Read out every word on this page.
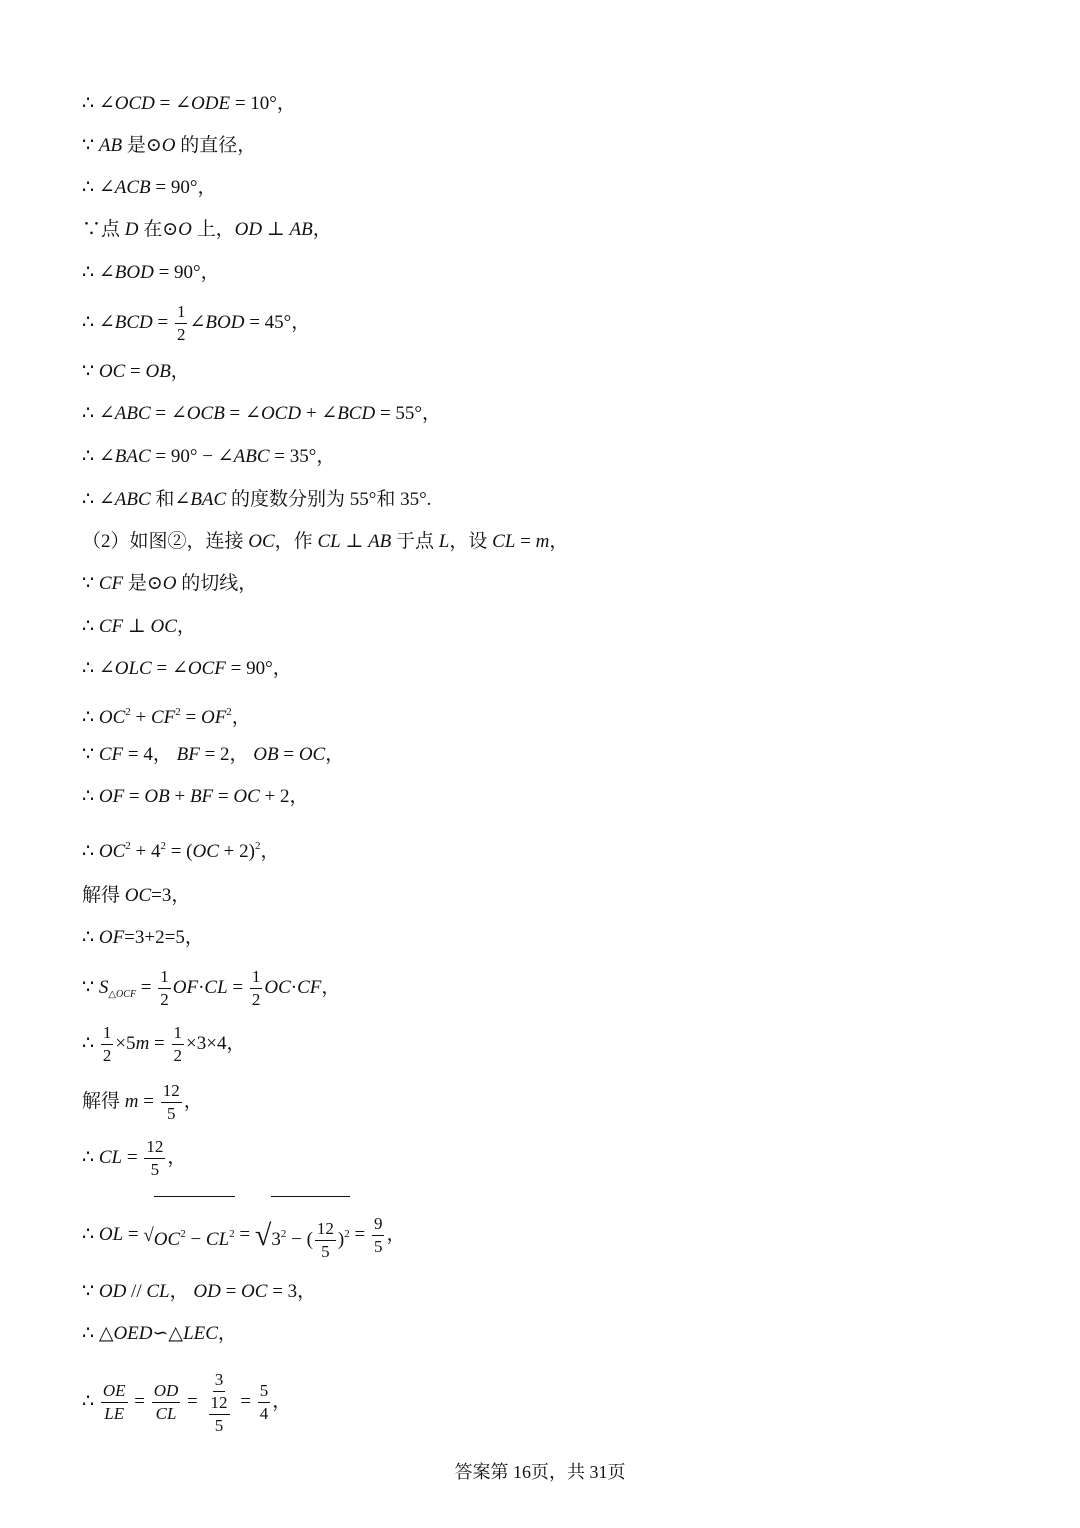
∴ ∠OCD = ∠ODE = 10°，
∵ AB 是⊙O 的直径，
∴ ∠ACB = 90°，
∵点 D 在⊙O 上，OD ⊥ AB，
∴ ∠BOD = 90°，
∴ ∠BCD = $\frac{1}{2}$ ∠BOD = 45°，
∵ OC = OB，
∴ ∠ABC = ∠OCB = ∠OCD + ∠BCD = 55°，
∴ ∠BAC = 90° − ∠ABC = 35°，
∴ ∠ABC 和∠BAC 的度数分别为 55°和 35°.
（2）如图②，连接 OC，作 CL ⊥ AB 于点 L，设 CL = m，
∵ CF 是⊙O 的切线，
∴ CF ⊥ OC，
∴ ∠OLC = ∠OCF = 90°，
∴ $OC^2 + CF^2 = OF^2$，
∵ CF = 4， BF = 2， OB = OC，
∴ OF = OB + BF = OC + 2，
∴ $OC^2 + 4^2 = (OC + 2)^2$，
解得 OC=3，
∴ OF=3+2=5，
∵ $S_{\triangle OCF} = \frac{1}{2} OF\cdot CL = \frac{1}{2} OC\cdot CF$，
∴ $\frac{1}{2} \times 5m = \frac{1}{2} \times 3\times 4$，
解得 $m = \frac{12}{5}$ ，
∴ CL = $\frac{12}{5}$ ，
∴ OL = √ $OC^2 - CL^2$ = √ $3^2$ − ( $\frac{12}{5} )^2 = \frac{9}{5}$ ，
∵ OD // CL， OD = OC = 3，
∴ △OED∽△LEC，
∴ $\frac{OE}{LE} = \frac{OD}{CL} = \frac{3}{\frac{12}{5}} = \frac{5}{4}$ ，
答案第 16页，共 31页
